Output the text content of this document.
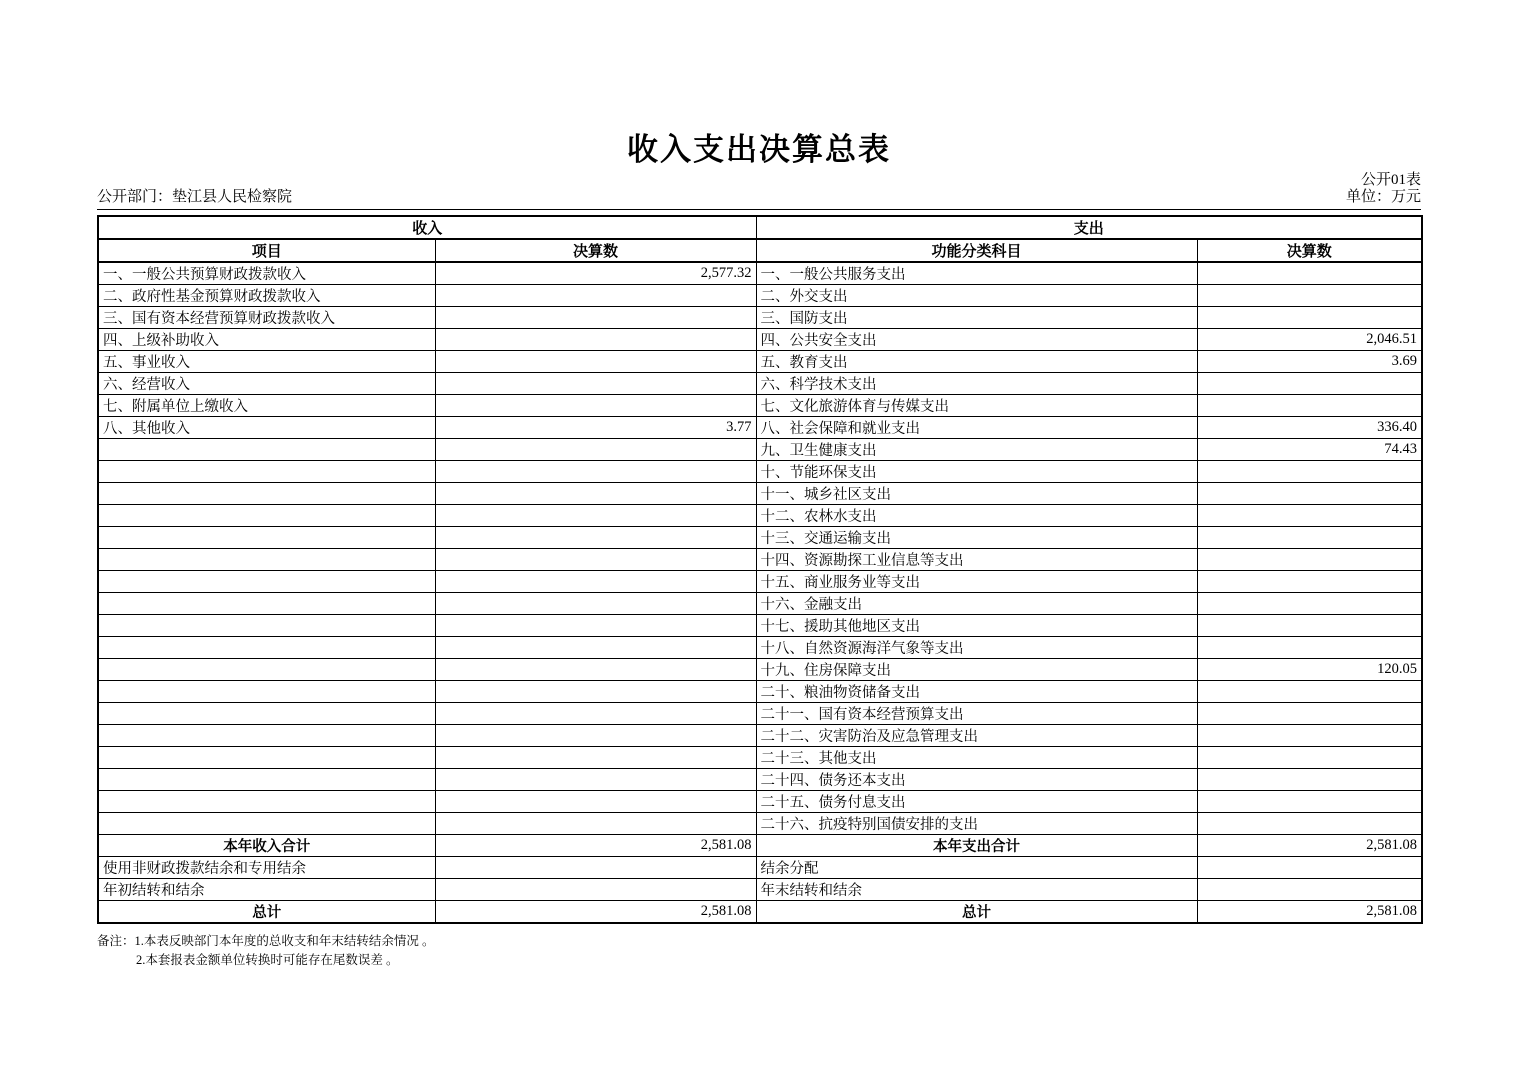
收入支出决算总表
公开01表
公开部门：垫江县人民检察院	单位：万元
收入		支出	
项目	决算数	功能分类科目	决算数
一、一般公共预算财政拨款收入	2,577.32	一、一般公共服务支出	
二、政府性基金预算财政拨款收入		二、外交支出	
三、国有资本经营预算财政拨款收入		三、国防支出	
四、上级补助收入		四、公共安全支出	2,046.51
五、事业收入		五、教育支出	3.69
六、经营收入		六、科学技术支出	
七、附属单位上缴收入		七、文化旅游体育与传媒支出	
八、其他收入	3.77	八、社会保障和就业支出	336.40
		九、卫生健康支出	74.43
		十、节能环保支出	
		十一、城乡社区支出	
		十二、农林水支出	
		十三、交通运输支出	
		十四、资源勘探工业信息等支出	
		十五、商业服务业等支出	
		十六、金融支出	
		十七、援助其他地区支出	
		十八、自然资源海洋气象等支出	
		十九、住房保障支出	120.05
		二十、粮油物资储备支出	
		二十一、国有资本经营预算支出	
		二十二、灾害防治及应急管理支出	
		二十三、其他支出	
		二十四、债务还本支出	
		二十五、债务付息支出	
		二十六、抗疫特别国债安排的支出	
本年收入合计	2,581.08	本年支出合计	2,581.08
使用非财政拨款结余和专用结余		结余分配	
年初结转和结余		年末结转和结余	
总计	2,581.08	总计	2,581.08
备注：1.本表反映部门本年度的总收支和年末结转结余情况 。
2.本套报表金额单位转换时可能存在尾数误差 。
